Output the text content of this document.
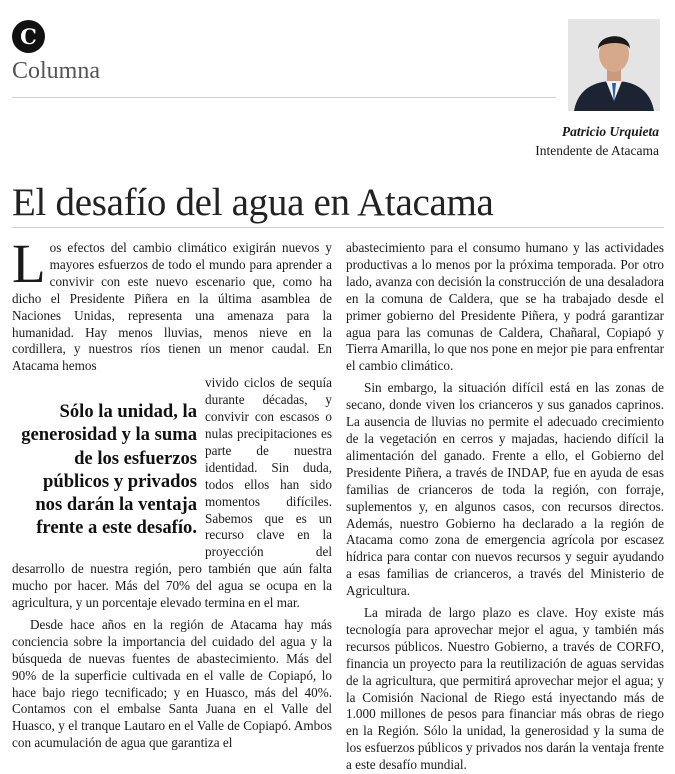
C
Columna
Patricio Urquieta
Intendente de Atacama
El desafío del agua en Atacama

Los efectos del cambio climático exigirán nuevos y mayores esfuerzos de todo el mundo para aprender a convivir con este nuevo escenario que, como ha dicho el Presidente Piñera en la última asamblea de Naciones Unidas, representa una amenaza para la humanidad. Hay menos lluvias, menos nieve en la cordillera, y nuestros ríos tienen un menor caudal. En Atacama hemos

Sólo la unidad, la generosidad y la suma de los esfuerzos públicos y privados nos darán la ventaja frente a este desafío.

vivido ciclos de sequía durante décadas, y convivir con escasos o nulas precipitaciones es parte de nuestra identidad. Sin duda, todos ellos han sido momentos difíciles. Sabemos que es un recurso clave en la proyección del desarrollo de nuestra región, pero también que aún falta mucho por hacer. Más del 70% del agua se ocupa en la agricultura, y un porcentaje elevado termina en el mar.

Desde hace años en la región de Atacama hay más conciencia sobre la importancia del cuidado del agua y la búsqueda de nuevas fuentes de abastecimiento. Más del 90% de la superficie cultivada en el valle de Copiapó, lo hace bajo riego tecnificado; y en Huasco, más del 40%. Contamos con el embalse Santa Juana en el Valle del Huasco, y el tranque Lautaro en el Valle de Copiapó. Ambos con acumulación de agua que garantiza el

abastecimiento para el consumo humano y las actividades productivas a lo menos por la próxima temporada. Por otro lado, avanza con decisión la construcción de una desaladora en la comuna de Caldera, que se ha trabajado desde el primer gobierno del Presidente Piñera, y podrá garantizar agua para las comunas de Caldera, Chañaral, Copiapó y Tierra Amarilla, lo que nos pone en mejor pie para enfrentar el cambio climático.

Sin embargo, la situación difícil está en las zonas de secano, donde viven los crianceros y sus ganados caprinos. La ausencia de lluvias no permite el adecuado crecimiento de la vegetación en cerros y majadas, haciendo difícil la alimentación del ganado. Frente a ello, el Gobierno del Presidente Piñera, a través de INDAP, fue en ayuda de esas familias de crianceros de toda la región, con forraje, suplementos y, en algunos casos, con recursos directos. Además, nuestro Gobierno ha declarado a la región de Atacama como zona de emergencia agrícola por escasez hídrica para contar con nuevos recursos y seguir ayudando a esas familias de crianceros, a través del Ministerio de Agricultura.

La mirada de largo plazo es clave. Hoy existe más tecnología para aprovechar mejor el agua, y también más recursos públicos. Nuestro Gobierno, a través de CORFO, financia un proyecto para la reutilización de aguas servidas de la agricultura, que permitirá aprovechar mejor el agua; y la Comisión Nacional de Riego está inyectando más de 1.000 millones de pesos para financiar más obras de riego en la Región. Sólo la unidad, la generosidad y la suma de los esfuerzos públicos y privados nos darán la ventaja frente a este desafío mundial.
